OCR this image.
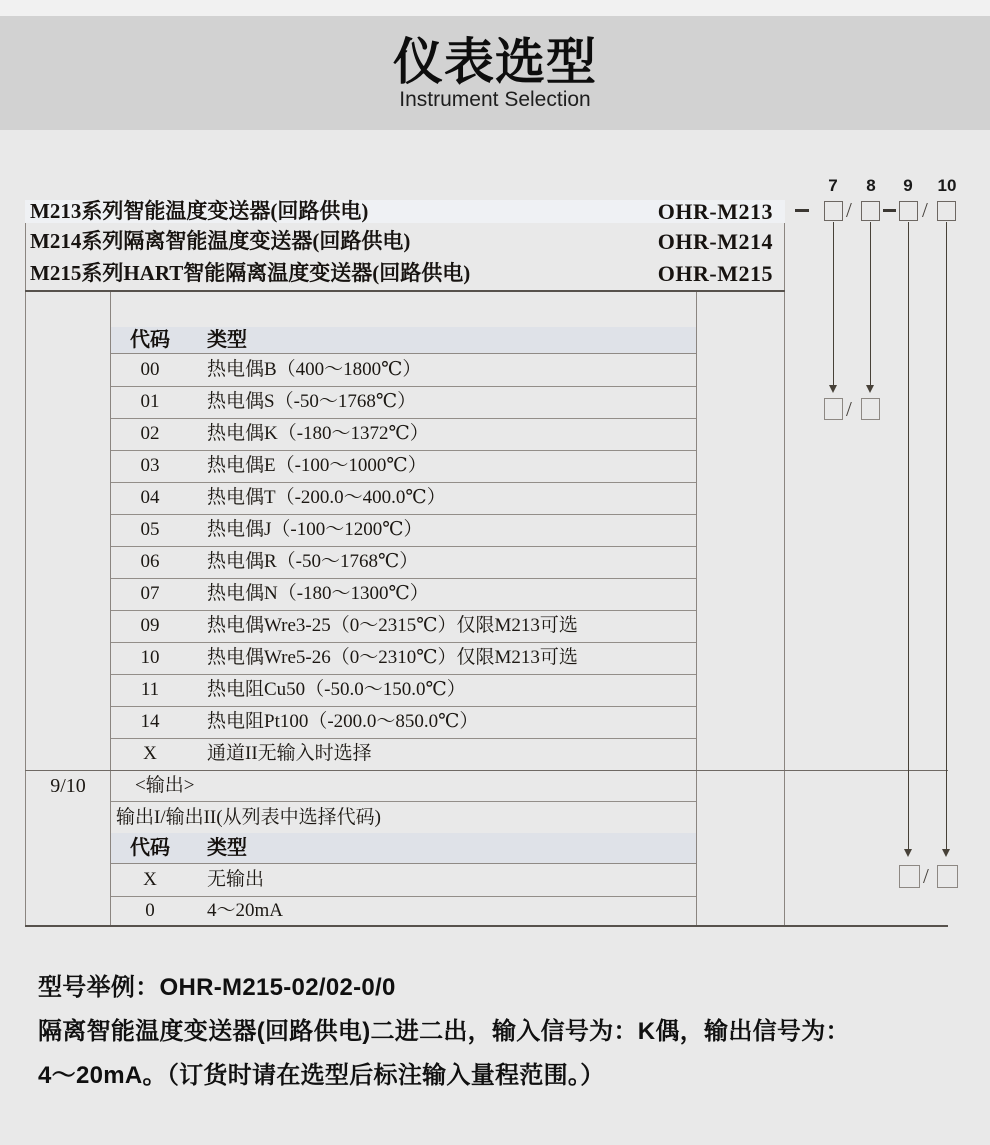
仪表选型
Instrument Selection
M213系列智能温度变送器(回路供电)	OHR-M213
M214系列隔离智能温度变送器(回路供电)	OHR-M214
M215系列HART智能隔离温度变送器(回路供电)	OHR-M215
代码 类型
00	热电偶B（400～1800℃）
01	热电偶S（-50～1768℃）
02	热电偶K（-180～1372℃）
03	热电偶E（-100～1000℃）
04	热电偶T（-200.0～400.0℃）
05	热电偶J（-100～1200℃）
06	热电偶R（-50～1768℃）
07	热电偶N（-180～1300℃）
09	热电偶Wre3-25（0～2315℃）仅限M213可选
10	热电偶Wre5-26（0～2310℃）仅限M213可选
11	热电阻Cu50（-50.0～150.0℃）
14	热电阻Pt100（-200.0～850.0℃）
X	通道II无输入时选择
9/10	<输出>
输出I/输出II(从列表中选择代码)
代码 类型
X	无输出
0	4～20mA
7	8	9	10
/	/
/
/
型号举例：OHR-M215-02/02-0/0
隔离智能温度变送器(回路供电)二进二出，输入信号为：K偶，输出信号为：
4～20mA。（订货时请在选型后标注输入量程范围。）
